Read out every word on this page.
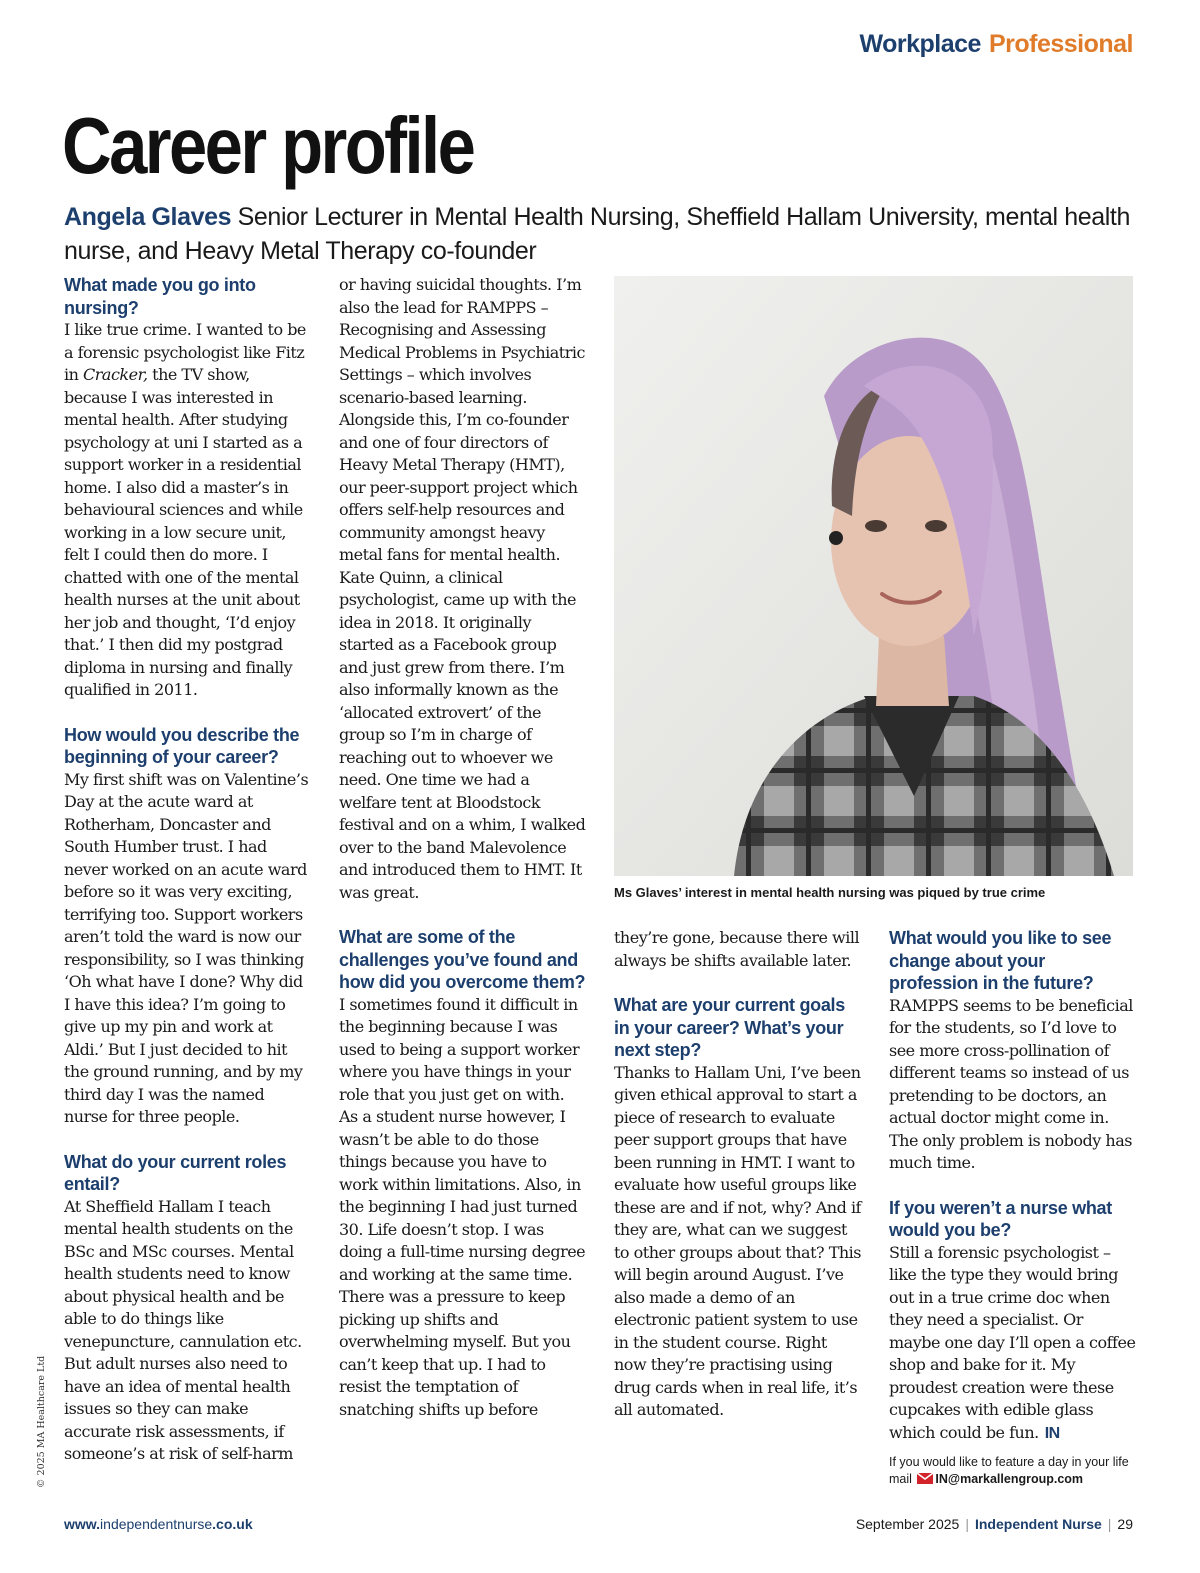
Workplace Professional
Career profile

Angela Glaves Senior Lecturer in Mental Health Nursing, Sheffield Hallam University, mental health nurse, and Heavy Metal Therapy co-founder

What made you go into nursing?

I like true crime. I wanted to be a forensic psychologist like Fitz in Cracker, the TV show, because I was interested in mental health. After studying psychology at uni I started as a support worker in a residential home. I also did a master’s in behavioural sciences and while working in a low secure unit, felt I could then do more. I chatted with one of the mental health nurses at the unit about her job and thought, ‘I’d enjoy that.’ I then did my postgrad diploma in nursing and finally qualified in 2011.

How would you describe the beginning of your career?

My first shift was on Valentine’s Day at the acute ward at Rotherham, Doncaster and South Humber trust. I had never worked on an acute ward before so it was very exciting, terrifying too. Support workers aren’t told the ward is now our responsibility, so I was thinking ‘Oh what have I done? Why did I have this idea? I’m going to give up my pin and work at Aldi.’ But I just decided to hit the ground running, and by my third day I was the named nurse for three people.

What do your current roles entail?

At Sheffield Hallam I teach mental health students on the BSc and MSc courses. Mental health students need to know about physical health and be able to do things like venepuncture, cannulation etc. But adult nurses also need to have an idea of mental health issues so they can make accurate risk assessments, if someone’s at risk of self-harm

or having suicidal thoughts. I’m also the lead for RAMPPS – Recognising and Assessing Medical Problems in Psychiatric Settings – which involves scenario-based learning. Alongside this, I’m co-founder and one of four directors of Heavy Metal Therapy (HMT), our peer-support project which offers self-help resources and community amongst heavy metal fans for mental health. Kate Quinn, a clinical psychologist, came up with the idea in 2018. It originally started as a Facebook group and just grew from there. I’m also informally known as the ‘allocated extrovert’ of the group so I’m in charge of reaching out to whoever we need. One time we had a welfare tent at Bloodstock festival and on a whim, I walked over to the band Malevolence and introduced them to HMT. It was great.

What are some of the challenges you’ve found and how did you overcome them?

I sometimes found it difficult in the beginning because I was used to being a support worker where you have things in your role that you just get on with. As a student nurse however, I wasn’t be able to do those things because you have to work within limitations. Also, in the beginning I had just turned 30. Life doesn’t stop. I was doing a full-time nursing degree and working at the same time. There was a pressure to keep picking up shifts and overwhelming myself. But you can’t keep that up. I had to resist the temptation of snatching shifts up before

Ms Glaves’ interest in mental health nursing was piqued by true crime

they’re gone, because there will always be shifts available later.

What are your current goals in your career? What’s your next step?

Thanks to Hallam Uni, I’ve been given ethical approval to start a piece of research to evaluate peer support groups that have been running in HMT. I want to evaluate how useful groups like these are and if not, why? And if they are, what can we suggest to other groups about that? This will begin around August. I’ve also made a demo of an electronic patient system to use in the student course. Right now they’re practising using drug cards when in real life, it’s all automated.

What would you like to see change about your profession in the future?

RAMPPS seems to be beneficial for the students, so I’d love to see more cross-pollination of different teams so instead of us pretending to be doctors, an actual doctor might come in. The only problem is nobody has much time.

If you weren’t a nurse what would you be?

Still a forensic psychologist – like the type they would bring out in a true crime doc when they need a specialist. Or maybe one day I’ll open a coffee shop and bake for it. My proudest creation were these cupcakes with edible glass which could be fun. IN

If you would like to feature a day in your life mail IN@markallengroup.com
© 2025 MA Healthcare Ltd
www.independentnurse.co.uk	September 2025 | Independent Nurse | 29
